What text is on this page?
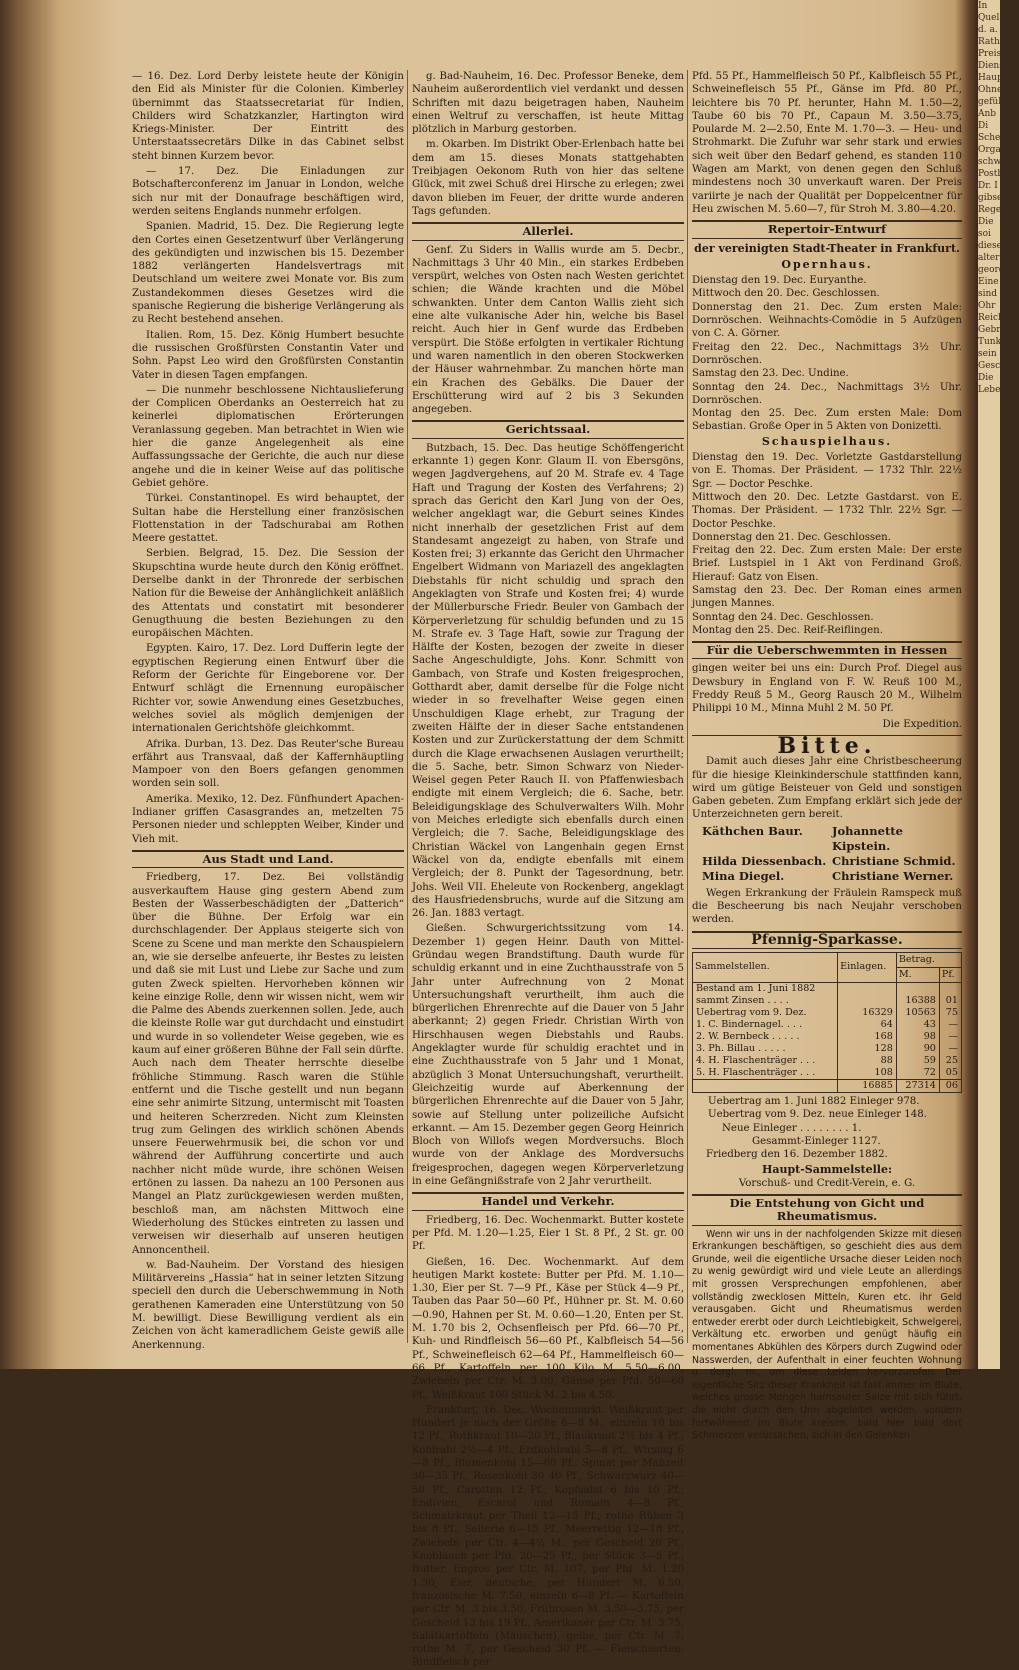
— 16. Dez. Lord Derby leistete heute der Königin den Eid als Minister für die Colonien. Kimberley übernimmt das Staatssecretariat für Indien, Childers wird Schatzkanzler, Hartington wird Kriegs-Minister. Der Eintritt des Unterstaatssecretärs Dilke in das Cabinet selbst steht binnen Kurzem bevor.

— 17. Dez. Die Einladungen zur Botschafterconferenz im Januar in London, welche sich nur mit der Donaufrage beschäftigen wird, werden seitens Englands nunmehr erfolgen.

Spanien. Madrid, 15. Dez. Die Regierung legte den Cortes einen Gesetzentwurf über Verlängerung des gekündigten und inzwischen bis 15. Dezember 1882 verlängerten Handelsvertrags mit Deutschland um weitere zwei Monate vor. Bis zum Zustandekommen dieses Gesetzes wird die spanische Regierung die bisherige Verlängerung als zu Recht bestehend ansehen.

Italien. Rom, 15. Dez. König Humbert besuchte die russischen Großfürsten Constantin Vater und Sohn. Papst Leo wird den Großfürsten Constantin Vater in diesen Tagen empfangen.

— Die nunmehr beschlossene Nichtauslieferung der Complicen Oberdanks an Oesterreich hat zu keinerlei diplomatischen Erörterungen Veranlassung gegeben. Man betrachtet in Wien wie hier die ganze Angelegenheit als eine Auffassungssache der Gerichte, die auch nur diese angehe und die in keiner Weise auf das politische Gebiet gehöre.

Türkei. Constantinopel. Es wird behauptet, der Sultan habe die Herstellung einer französischen Flottenstation in der Tadschurabai am Rothen Meere gestattet.

Serbien. Belgrad, 15. Dez. Die Session der Skupschtina wurde heute durch den König eröffnet. Derselbe dankt in der Thronrede der serbischen Nation für die Beweise der Anhänglichkeit anläßlich des Attentats und constatirt mit besonderer Genugthuung die besten Beziehungen zu den europäischen Mächten.

Egypten. Kairo, 17. Dez. Lord Dufferin legte der egyptischen Regierung einen Entwurf über die Reform der Gerichte für Eingeborene vor. Der Entwurf schlägt die Ernennung europäischer Richter vor, sowie Anwendung eines Gesetzbuches, welches soviel als möglich demjenigen der internationalen Gerichtshöfe gleichkommt.

Afrika. Durban, 13. Dez. Das Reuter'sche Bureau erfährt aus Transvaal, daß der Kaffernhäuptling Mampoer von den Boers gefangen genommen worden sein soll.

Amerika. Mexiko, 12. Dez. Fünfhundert Apachen-Indianer griffen Casasgrandes an, metzelten 75 Personen nieder und schleppten Weiber, Kinder und Vieh mit.

Aus Stadt und Land.

Friedberg, 17. Dez. Bei vollständig ausverkauftem Hause ging gestern Abend zum Besten der Wasserbeschädigten der „Datterich“ über die Bühne. Der Erfolg war ein durchschlagender. Der Applaus steigerte sich von Scene zu Scene und man merkte den Schauspielern an, wie sie derselbe anfeuerte, ihr Bestes zu leisten und daß sie mit Lust und Liebe zur Sache und zum guten Zweck spielten. Hervorheben können wir keine einzige Rolle, denn wir wissen nicht, wem wir die Palme des Abends zuerkennen sollen. Jede, auch die kleinste Rolle war gut durchdacht und einstudirt und wurde in so vollendeter Weise gegeben, wie es kaum auf einer größeren Bühne der Fall sein dürfte. Auch nach dem Theater herrschte dieselbe fröhliche Stimmung. Rasch waren die Stühle entfernt und die Tische gestellt und nun begann eine sehr animirte Sitzung, untermischt mit Toasten und heiteren Scherzreden. Nicht zum Kleinsten trug zum Gelingen des wirklich schönen Abends unsere Feuerwehrmusik bei, die schon vor und während der Aufführung concertirte und auch nachher nicht müde wurde, ihre schönen Weisen ertönen zu lassen. Da nahezu an 100 Personen aus Mangel an Platz zurückgewiesen werden mußten, beschloß man, am nächsten Mittwoch eine Wiederholung des Stückes eintreten zu lassen und verweisen wir dieserhalb auf unseren heutigen Annoncentheil.

w. Bad-Nauheim. Der Vorstand des hiesigen Militärvereins „Hassia“ hat in seiner letzten Sitzung speciell den durch die Ueberschwemmung in Noth gerathenen Kameraden eine Unterstützung von 50 M. bewilligt. Diese Bewilligung verdient als ein Zeichen von ächt kameradlichem Geiste gewiß alle Anerkennung.

g. Bad-Nauheim, 16. Dec. Professor Beneke, dem Nauheim außerordentlich viel verdankt und dessen Schriften mit dazu beigetragen haben, Nauheim einen Weltruf zu verschaffen, ist heute Mittag plötzlich in Marburg gestorben.

m. Okarben. Im Distrikt Ober-Erlenbach hatte bei dem am 15. dieses Monats stattgehabten Treibjagen Oekonom Ruth von hier das seltene Glück, mit zwei Schuß drei Hirsche zu erlegen; zwei davon blieben im Feuer, der dritte wurde anderen Tags gefunden.

Allerlei.

Genf. Zu Siders in Wallis wurde am 5. Decbr., Nachmittags 3 Uhr 40 Min., ein starkes Erdbeben verspürt, welches von Osten nach Westen gerichtet schien; die Wände krachten und die Möbel schwankten. Unter dem Canton Wallis zieht sich eine alte vulkanische Ader hin, welche bis Basel reicht. Auch hier in Genf wurde das Erdbeben verspürt. Die Stöße erfolgten in vertikaler Richtung und waren namentlich in den oberen Stockwerken der Häuser wahrnehmbar. Zu manchen hörte man ein Krachen des Gebälks. Die Dauer der Erschütterung wird auf 2 bis 3 Sekunden angegeben.

Gerichtssaal.

Butzbach, 15. Dec. Das heutige Schöffengericht erkannte 1) gegen Konr. Glaum II. von Ebersgöns, wegen Jagdvergehens, auf 20 M. Strafe ev. 4 Tage Haft und Tragung der Kosten des Verfahrens; 2) sprach das Gericht den Karl Jung von der Oes, welcher angeklagt war, die Geburt seines Kindes nicht innerhalb der gesetzlichen Frist auf dem Standesamt angezeigt zu haben, von Strafe und Kosten frei; 3) erkannte das Gericht den Uhrmacher Engelbert Widmann von Mariazell des angeklagten Diebstahls für nicht schuldig und sprach den Angeklagten von Strafe und Kosten frei; 4) wurde der Müllerbursche Friedr. Beuler von Gambach der Körperverletzung für schuldig befunden und zu 15 M. Strafe ev. 3 Tage Haft, sowie zur Tragung der Hälfte der Kosten, bezogen der zweite in dieser Sache Angeschuldigte, Johs. Konr. Schmitt von Gambach, von Strafe und Kosten freigesprochen, Gotthardt aber, damit derselbe für die Folge nicht wieder in so frevelhafter Weise gegen einen Unschuldigen Klage erhebt, zur Tragung der zweiten Hälfte der in dieser Sache entstandenen Kosten und zur Zurückerstattung der dem Schmitt durch die Klage erwachsenen Auslagen verurtheilt; die 5. Sache, betr. Simon Schwarz von Nieder-Weisel gegen Peter Rauch II. von Pfaffenwiesbach endigte mit einem Vergleich; die 6. Sache, betr. Beleidigungsklage des Schulverwalters Wilh. Mohr von Meiches erledigte sich ebenfalls durch einen Vergleich; die 7. Sache, Beleidigungsklage des Christian Wäckel von Langenhain gegen Ernst Wäckel von da, endigte ebenfalls mit einem Vergleich; der 8. Punkt der Tagesordnung, betr. Johs. Weil VII. Eheleute von Rockenberg, angeklagt des Hausfriedensbruchs, wurde auf die Sitzung am 26. Jan. 1883 vertagt.

Gießen. Schwurgerichtssitzung vom 14. Dezember 1) gegen Heinr. Dauth von Mittel-Gründau wegen Brandstiftung. Dauth wurde für schuldig erkannt und in eine Zuchthausstrafe von 5 Jahr unter Aufrechnung von 2 Monat Untersuchungshaft verurtheilt, ihm auch die bürgerlichen Ehrenrechte auf die Dauer von 5 Jahr aberkannt; 2) gegen Friedr. Christian Wirth von Hirschhausen wegen Diebstahls und Raubs. Angeklagter wurde für schuldig erachtet und in eine Zuchthausstrafe von 5 Jahr und 1 Monat, abzüglich 3 Monat Untersuchungshaft, verurtheilt. Gleichzeitig wurde auf Aberkennung der bürgerlichen Ehrenrechte auf die Dauer von 5 Jahr, sowie auf Stellung unter polizeiliche Aufsicht erkannt. — Am 15. Dezember gegen Georg Heinrich Bloch von Willofs wegen Mordversuchs. Bloch wurde von der Anklage des Mordversuchs freigesprochen, dagegen wegen Körperverletzung in eine Gefängnißstrafe von 2 Jahr verurtheilt.

Handel und Verkehr.

Friedberg, 16. Dec. Wochenmarkt. Butter kostete per Pfd. M. 1.20—1.25, Eier 1 St. 8 Pf., 2 St. gr. 00 Pf.

Gießen, 16. Dec. Wochenmarkt. Auf dem heutigen Markt kostete: Butter per Pfd. M. 1.10—1.30, Eier per St. 7—9 Pf., Käse per Stück 4—9 Pf., Tauben das Paar 50—60 Pf., Hühner pr. St. M. 0.60—0.90, Hahnen per St. M. 0.60—1.20, Enten per St. M. 1.70 bis 2, Ochsenfleisch per Pfd. 66—70 Pf., Kuh- und Rindfleisch 56—60 Pf., Kalbfleisch 54—56 Pf., Schweinefleisch 62—64 Pf., Hammelfleisch 60—66 Pf., Kartoffeln per 100 Kilo M. 5.50—6.00, Zwiebeln per Ctr. M. 3.00, Gänse per Pfd. 50—60 Pf., Weißkraut 100 Stück M. 2 bis 4.50.

Frankfurt, 16. Dec. Wochenmarkt. Weißkraut per Hundert je nach der Größe 6—8 M., einzeln 10 bis 12 Pf., Rothkraut 10—20 Pf., Blaukraut 2½ bis 4 Pf., Kohlrabi 2½—4 Pf., Erdkohlrabi 5—8 Pf., Wirsing 6—8 Pf., Blumenkohl 15—60 Pf., Spinat per Maßzeit 30—35 Pf., Rosenkohl 30 40 Pf., Schwarzwurz 40—50 Pf., Carotten 12 Pf., Kopfsalat 6 bis 10 Pf., Endivien, Escarol und Romain 4—8 Pf., Schmalzkraut per Theil 12—15 Pf., rothe Rüben 3 bis 8 Pf., Sellerie 6—15 Pf., Meerrettig 12—18 Pf., Zwiebeln per Ctr. 4—4½ M., per Gescheid 20 Pf., Knoblauch per Pfd. 20—25 Pf., per Stück 3—5 Pf., Butter, Engros per Ctr. M. 107, per Pfd. M. 1.20 1.30, Eier, deutsche, per Hundert M. 6.50, französische M. 7.50, einzeln 6—8 Pf. — Kartoffeln per Ctr. M. 3 bis 3.50, Frührosen M. 3.50—3.75, per Gescheid 13 bis 19 Pf., Amerikaner per Ctr. M. 3.75, Salatkartoffeln (Mäuschen), gelbe, per Ctr. M. 7, rothe M. 7, per Gescheid 30 Pf. — Fleischsorten: Rindfleisch per

Pfd. 55 Pf., Hammelfleisch 50 Pf., Kalbfleisch 55 Pf., Schweinefleisch 55 Pf., Gänse im Pfd. 80 Pf., leichtere bis 70 Pf. herunter, Hahn M. 1.50—2, Taube 60 bis 70 Pf., Capaun M. 3.50—3.75, Poularde M. 2—2.50, Ente M. 1.70—3. — Heu- und Strohmarkt. Die Zufuhr war sehr stark und erwies sich weit über den Bedarf gehend, es standen 110 Wagen am Markt, von denen gegen den Schluß mindestens noch 30 unverkauft waren. Der Preis variirte je nach der Qualität per Doppelcentner für Heu zwischen M. 5.60—7, für Stroh M. 3.80—4.20.

Repertoir-Entwurf
der vereinigten Stadt-Theater in Frankfurt.
Opernhaus.

Dienstag den 19. Dec. Euryanthe.

Mittwoch den 20. Dec. Geschlossen.

Donnerstag den 21. Dec. Zum ersten Male: Dornröschen. Weihnachts-Comödie in 5 Aufzügen von C. A. Görner.

Freitag den 22. Dec., Nachmittags 3½ Uhr. Dornröschen.

Samstag den 23. Dec. Undine.

Sonntag den 24. Dec., Nachmittags 3½ Uhr. Dornröschen.

Montag den 25. Dec. Zum ersten Male: Dom Sebastian. Große Oper in 5 Akten von Donizetti.

Schauspielhaus.

Dienstag den 19. Dec. Vorletzte Gastdarstellung von E. Thomas. Der Präsident. — 1732 Thlr. 22½ Sgr. — Doctor Peschke.

Mittwoch den 20. Dec. Letzte Gastdarst. von E. Thomas. Der Präsident. — 1732 Thlr. 22½ Sgr. — Doctor Peschke.

Donnerstag den 21. Dec. Geschlossen.

Freitag den 22. Dec. Zum ersten Male: Der erste Brief. Lustspiel in 1 Akt von Ferdinand Groß. Hierauf: Gatz von Eisen.

Samstag den 23. Dec. Der Roman eines armen jungen Mannes.

Sonntag den 24. Dec. Geschlossen.

Montag den 25. Dec. Reif-Reiflingen.

Für die Ueberschwemmten in Hessen

gingen weiter bei uns ein: Durch Prof. Diegel aus Dewsbury in England von F. W. Reuß 100 M., Freddy Reuß 5 M., Georg Rausch 20 M., Wilhelm Philippi 10 M., Minna Muhl 2 M. 50 Pf.

Die Expedition.
Bitte.

Damit auch dieses Jahr eine Christbescheerung für die hiesige Kleinkinderschule stattfinden kann, wird um gütige Beisteuer von Geld und sonstigen Gaben gebeten. Zum Empfang erklärt sich jede der Unterzeichneten gern bereit.

Käthchen Baur.	Johannette Kipstein.
Hilda Diessenbach. Christiane Schmid.
Mina Diegel.	Christiane Werner.

Wegen Erkrankung der Fräulein Ramspeck muß die Bescheerung bis nach Neujahr verschoben werden.

Pfennig-Sparkasse.
Sammelstellen.	Einlagen.	Betrag.	
		M.	Pf.
Bestand am 1. Juni 1882			
sammt Zinsen . . . .		16388	01
Uebertrag vom 9. Dez.	16329	10563	75
1. C. Bindernagel. . . .	64	43	—
2. W. Bernbeck . . . . .	168	98	—
3. Ph. Billau . . . . .	128	90	—
4. H. Flaschenträger . . .	88	59	25
5. H. Flaschenträger . . .	108	72	05
	16885	27314	06

Uebertrag am 1. Juni 1882 Einleger 978.

Uebertrag vom 9. Dez. neue Einleger 148.

Neue Einleger . . . . . . . . 1.

Gesammt-Einleger 1127.

Friedberg den 16. Dezember 1882.

Haupt-Sammelstelle:
Vorschuß- und Credit-Verein, e. G.
Die Entstehung von Gicht und Rheumatismus.

Wenn wir uns in der nachfolgenden Skizze mit diesen Erkrankungen beschäftigen, so geschieht dies aus dem Grunde, weil die eigentliche Ursache dieser Leiden noch zu wenig gewürdigt wird und viele Leute an allerdings mit grossen Versprechungen empfohlenen, aber vollständig zwecklosen Mitteln, Kuren etc. ihr Geld verausgaben. Gicht und Rheumatismus werden entweder ererbt oder durch Leichtlebigkeit, Schwelgerei, Verkältung etc. erworben und genügt häufig ein momentanes Abkühlen des Körpers durch Zugwind oder Nasswerden, der Aufenthalt in einer feuchten Wohnung u. dergl. m., um diese Leiden hervorzurufen. Der eigentliche Sitz dieser Krankheit ist fast immer im Blute, welches grosse Mengen harnsaurer Salze mit sich führt, die nicht durch den Urin abgeleitet werden, sondern fortwährend im Blute kreisen, bald hier bald dort Schmerzen verursachen, sich in den Gelenken

In
Quel
d. a.
Rathh
Preis
Dienstag
Haupt
Ohne
geführt
Anb
Di
Scheu
Organ
schwi
Postb
Dr. I
gibsen
Regen
Die
soi
dieser
alter
geordn
Eine
sind
Ohr
Reiche
Gebr
Tunke
sein
Gesch
Die
Leben
